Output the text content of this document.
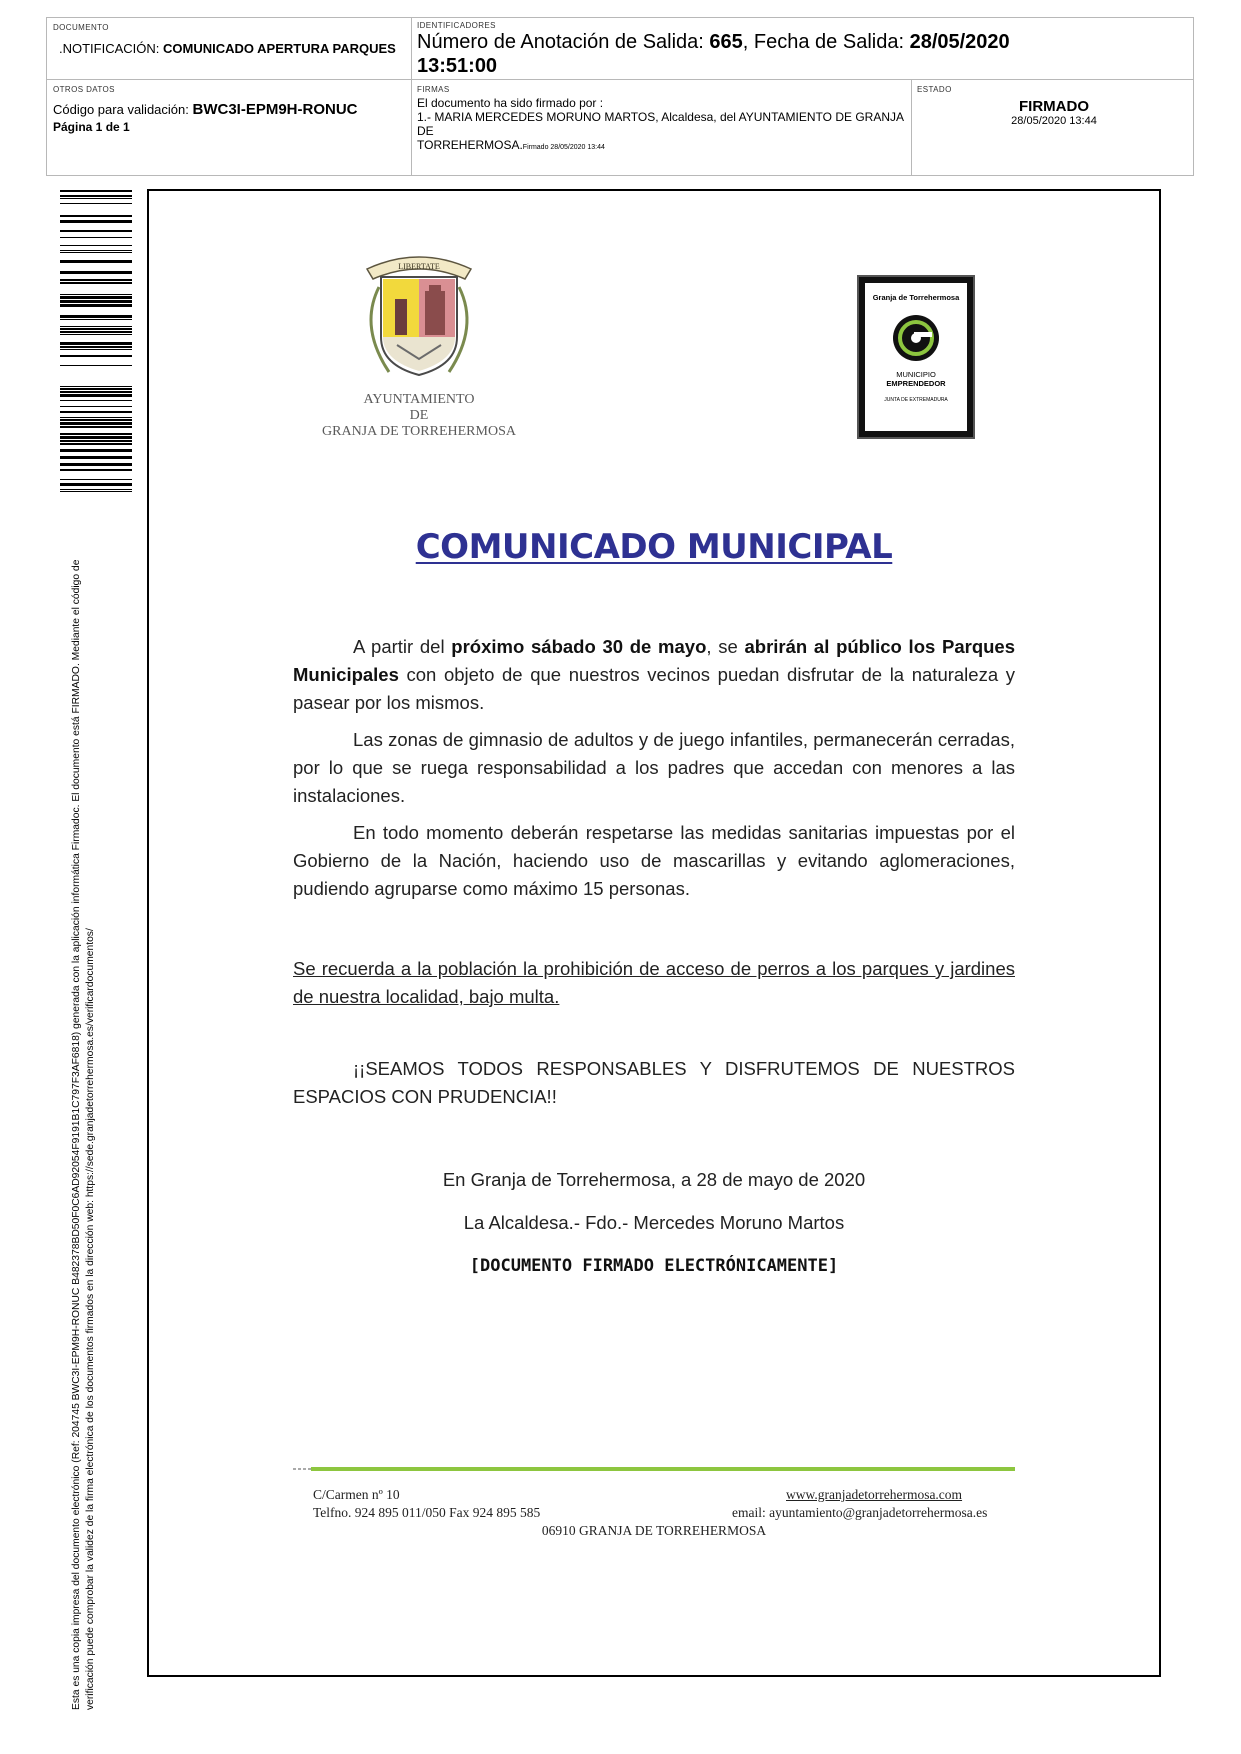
DOCUMENTO
.NOTIFICACIÓN: COMUNICADO APERTURA PARQUES
IDENTIFICADORES
Número de Anotación de Salida: 665, Fecha de Salida: 28/05/2020
13:51:00
OTROS DATOS
Código para validación: BWC3I-EPM9H-RONUC
Página 1 de 1
FIRMAS
El documento ha sido firmado por :
1.- MARIA MERCEDES MORUNO MARTOS, Alcaldesa, del AYUNTAMIENTO DE GRANJA DE
TORREHERMOSA.Firmado 28/05/2020 13:44
ESTADO
FIRMADO
28/05/2020 13:44
Esta es una copia impresa del documento electrónico (Ref: 204745 BWC3I-EPM9H-RONUC B482378BD50F0C6AD92054F9191B1C797F3AF6818) generada con la aplicación informática Firmadoc. El documento está FIRMADO. Mediante el código de verificación puede comprobar la validez de la firma electrónica de los documentos firmados en la dirección web: https://sede.granjadetorrehermosa.es/verificardocumentos/
LIBERTATE
AYUNTAMIENTO
DE
GRANJA DE TORREHERMOSA
Granja de Torrehermosa
MUNICIPIO
EMPRENDEDOR
JUNTA DE EXTREMADURA
COMUNICADO MUNICIPAL

A partir del próximo sábado 30 de mayo, se abrirán al público los Parques Municipales con objeto de que nuestros vecinos puedan disfrutar de la naturaleza y pasear por los mismos.

Las zonas de gimnasio de adultos y de juego infantiles, permanecerán cerradas, por lo que se ruega responsabilidad a los padres que accedan con menores a las instalaciones.

En todo momento deberán respetarse las medidas sanitarias impuestas por el Gobierno de la Nación, haciendo uso de mascarillas y evitando aglomeraciones, pudiendo agruparse como máximo 15 personas.

Se recuerda a la población la prohibición de acceso de perros a los parques y jardines de nuestra localidad, bajo multa.

¡¡SEAMOS TODOS RESPONSABLES Y DISFRUTEMOS DE NUESTROS ESPACIOS CON PRUDENCIA!!

En Granja de Torrehermosa, a 28 de mayo de 2020
La Alcaldesa.- Fdo.- Mercedes Moruno Martos
[DOCUMENTO FIRMADO ELECTRÓNICAMENTE]
C/Carmen nº 10
Telfno. 924 895 011/050 Fax 924 895 585
www.granjadetorrehermosa.com
email: ayuntamiento@granjadetorrehermosa.es
06910 GRANJA DE TORREHERMOSA
